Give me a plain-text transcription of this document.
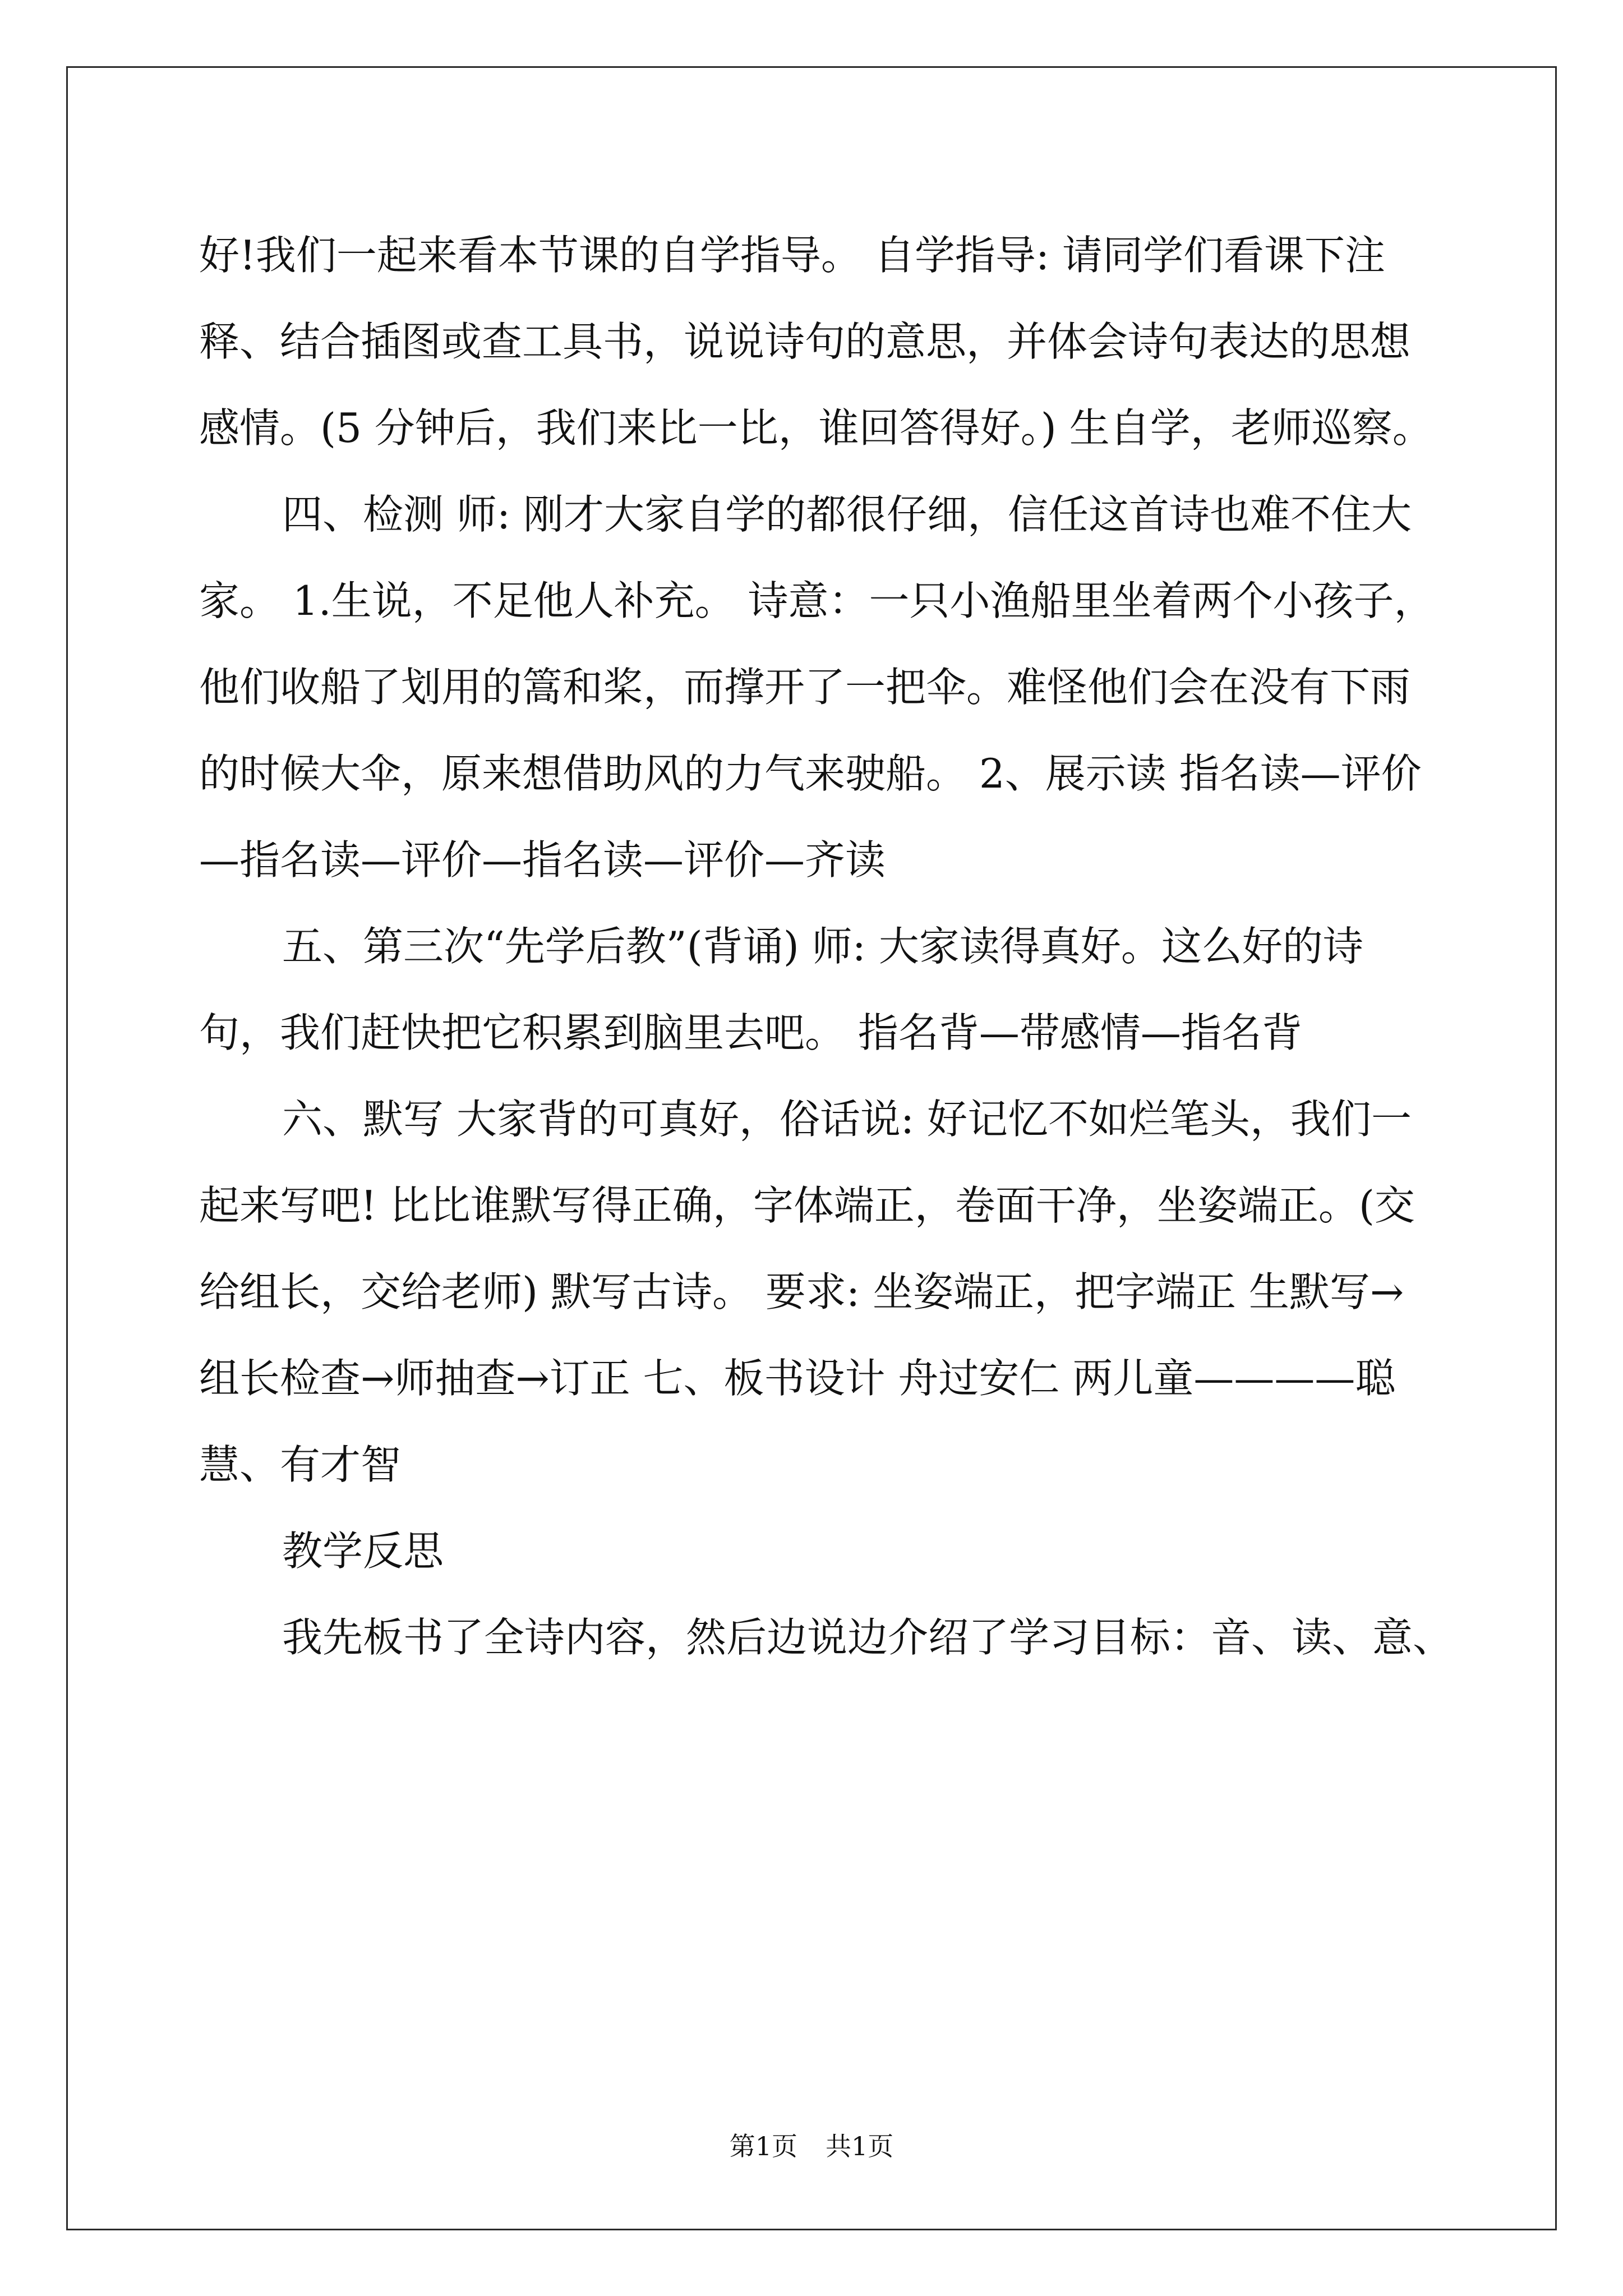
好!我们一起来看本节课的自学指导。 自学指导: 请同学们看课下注

释、结合插图或查工具书，说说诗句的意思，并体会诗句表达的思想

感情。(5 分钟后，我们来比一比，谁回答得好。) 生自学，老师巡察。

四、检测 师: 刚才大家自学的都很仔细，信任这首诗也难不住大

家。 1.生说，不足他人补充。 诗意：一只小渔船里坐着两个小孩子，

他们收船了划用的篙和桨，而撑开了一把伞。难怪他们会在没有下雨

的时候大伞，原来想借助风的力气来驶船。 2、展示读 指名读—评价

—指名读—评价—指名读—评价—齐读

五、第三次“先学后教”(背诵) 师: 大家读得真好。这么好的诗

句，我们赶快把它积累到脑里去吧。 指名背—带感情—指名背

六、默写 大家背的可真好，俗话说: 好记忆不如烂笔头，我们一

起来写吧! 比比谁默写得正确，字体端正，卷面干净，坐姿端正。(交

给组长，交给老师) 默写古诗。 要求: 坐姿端正，把字端正 生默写→

组长检查→师抽查→订正 七、板书设计 舟过安仁 两儿童————聪

慧、有才智

教学反思

我先板书了全诗内容，然后边说边介绍了学习目标：音、读、意、

第1页 共1页
